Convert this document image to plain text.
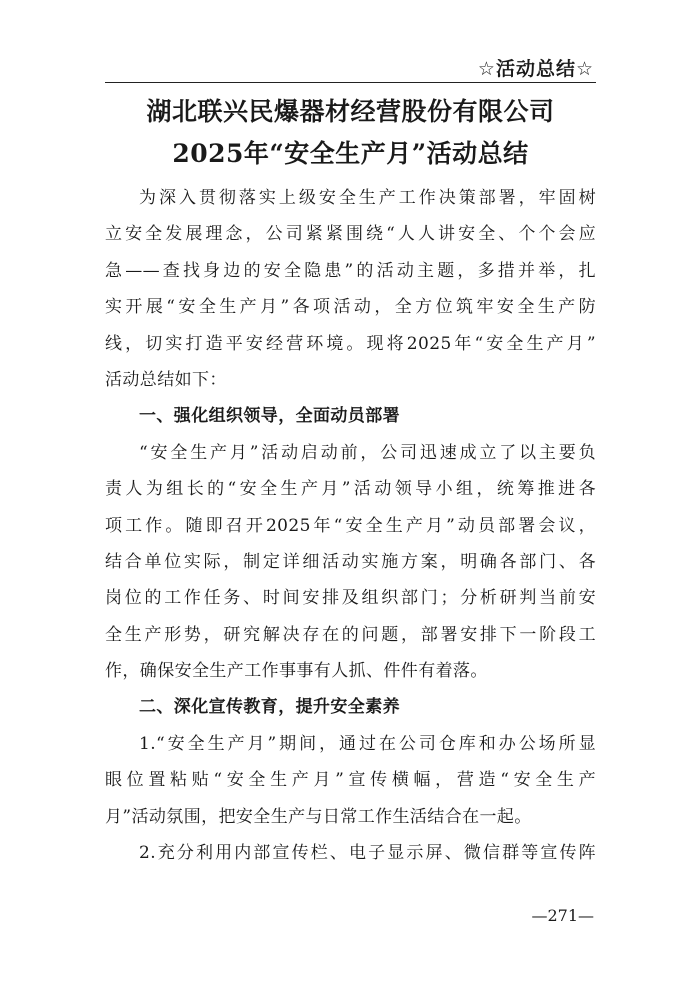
☆活动总结☆
湖北联兴民爆器材经营股份有限公司
2025年“安全生产月”活动总结
为深入贯彻落实上级安全生产工作决策部署，牢固树
立安全发展理念，公司紧紧围绕“人人讲安全、个个会应
急——查找身边的安全隐患”的活动主题，多措并举，扎
实开展“安全生产月”各项活动，全方位筑牢安全生产防
线，切实打造平安经营环境。现将2025年“安全生产月”
活动总结如下：
一、强化组织领导，全面动员部署
“安全生产月”活动启动前，公司迅速成立了以主要负
责人为组长的“安全生产月”活动领导小组，统筹推进各
项工作。随即召开2025年“安全生产月”动员部署会议，
结合单位实际，制定详细活动实施方案，明确各部门、各
岗位的工作任务、时间安排及组织部门；分析研判当前安
全生产形势，研究解决存在的问题，部署安排下一阶段工
作，确保安全生产工作事事有人抓、件件有着落。
二、深化宣传教育，提升安全素养
1.“安全生产月”期间，通过在公司仓库和办公场所显
眼位置粘贴“安全生产月”宣传横幅，营造“安全生产
月”活动氛围，把安全生产与日常工作生活结合在一起。
2.充分利用内部宣传栏、电子显示屏、微信群等宣传阵
—271—
